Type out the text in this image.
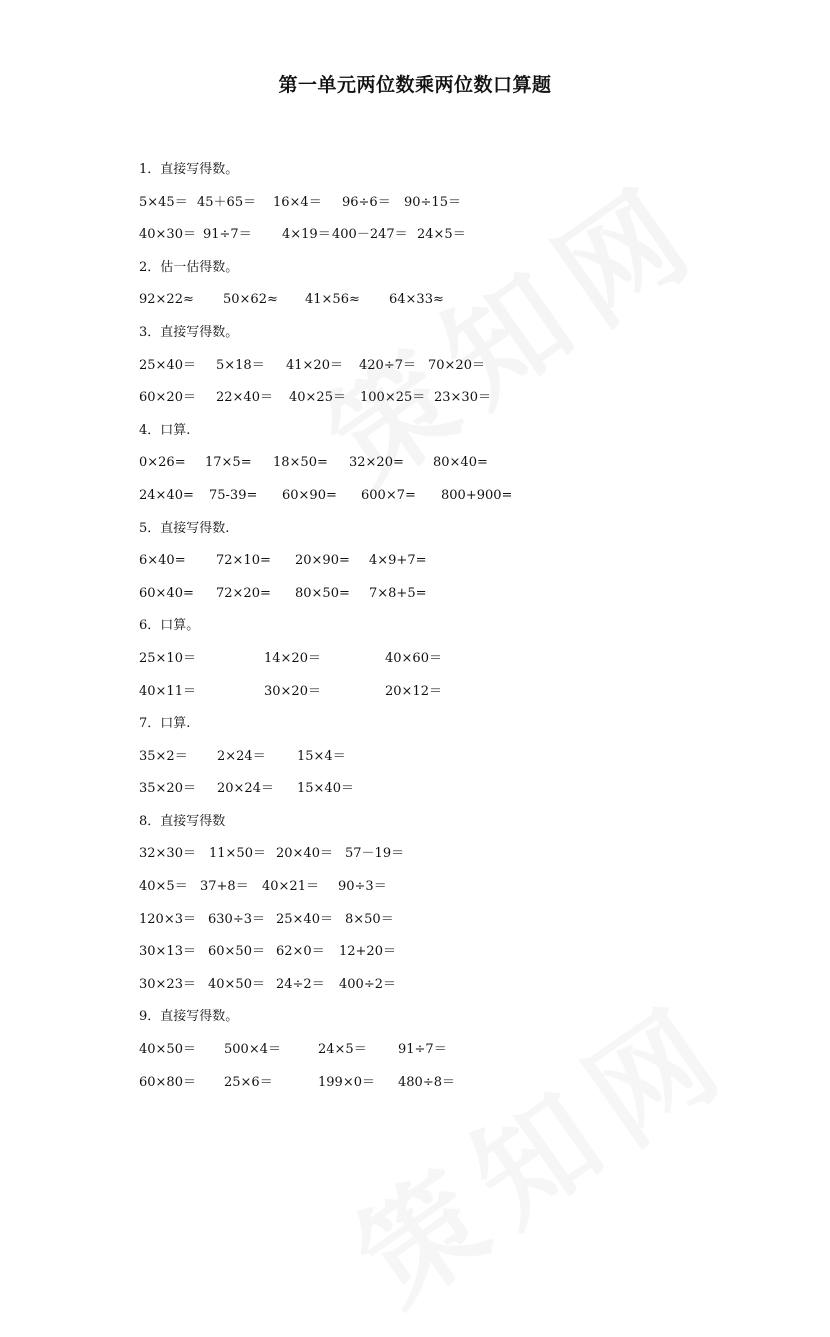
第一单元两位数乘两位数口算题
1．直接写得数。
5×45＝ 45＋65＝ 16×4＝ 96÷6＝ 90÷15＝
40×30＝ 91÷7＝ 4×19＝ 400－247＝ 24×5＝
2．估一估得数。
92×22≈ 50×62≈ 41×56≈ 64×33≈
3．直接写得数。
25×40＝ 5×18＝ 41×20＝ 420÷7＝ 70×20＝
60×20＝ 22×40＝ 40×25＝ 100×25＝ 23×30＝
4．口算.
0×26= 17×5= 18×50= 32×20= 80×40=
24×40= 75-39= 60×90= 600×7= 800+900=
5．直接写得数.
6×40= 72×10= 20×90= 4×9+7=
60×40= 72×20= 80×50= 7×8+5=
6．口算。
25×10＝	14×20＝	40×60＝
40×11＝	30×20＝	20×12＝
7．口算.
35×2＝ 2×24＝ 15×4＝
35×20＝ 20×24＝ 15×40＝
8．直接写得数
32×30＝ 11×50＝ 20×40＝ 57－19＝
40×5＝ 37+8＝ 40×21＝ 90÷3＝
120×3＝ 630÷3＝ 25×40＝ 8×50＝
30×13＝ 60×50＝ 62×0＝ 12+20＝
30×23＝ 40×50＝ 24÷2＝ 400÷2＝
9．直接写得数。
40×50＝ 500×4＝	24×5＝ 91÷7＝
60×80＝ 25×6＝	199×0＝ 480÷8＝
